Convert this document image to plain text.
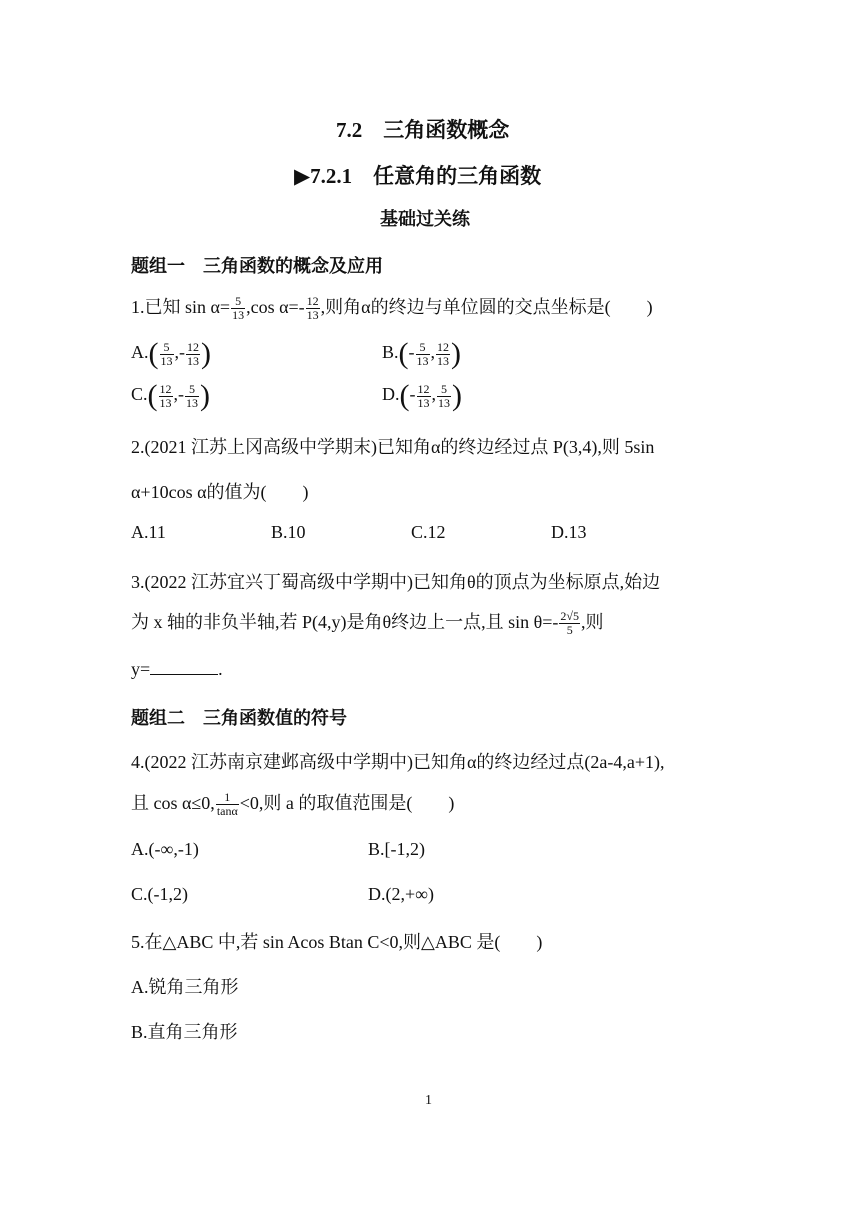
7.2　三角函数概念
▶7.2.1　任意角的三角函数
基础过关练
题组一　三角函数的概念及应用
1.已知 $\sin \alpha= \frac{5}{13} ,\cos$ $\alpha=- \frac{12}{13}$ ,则角α的终边与单位圆的交点坐标是(　　)
$A.( \frac{5}{13}$ ,- $\frac{12}{13}$ )	$B.(- \frac{5}{13}$ , $\frac{12}{13}$ )
$C.( \frac{12}{13}$ ,- $\frac{5}{13}$ )	$D.(- \frac{12}{13}$ , $\frac{5}{13}$ )
2.(2021 江苏上冈高级中学期末)已知角α的终边经过点 P(3,4),则 5sin
α+10cos α的值为(　　)
A.11	B.10	C.12	D.13
3.(2022 江苏宜兴丁蜀高级中学期中)已知角θ的顶点为坐标原点,始边
为 x 轴的非负半轴,若 P(4,y)是角θ终边上一点,且 $\sin \theta=- \frac{2√5}{5}$ ,则
y=	.
题组二　三角函数值的符号
4.(2022 江苏南京建邺高级中学期中)已知角α的终边经过点(2a-4,a+1),
且 cos α≤0, $\frac{1}{\tan\alpha} <0$,则 a 的取值范围是(　　)
A.(-∞,-1)	B.[-1,2)
C.(-1,2)	D.(2,+∞)
5.在△ABC 中,若 sin Acos Btan C<0,则△ABC 是(　　)
A.锐角三角形
B.直角三角形
1
